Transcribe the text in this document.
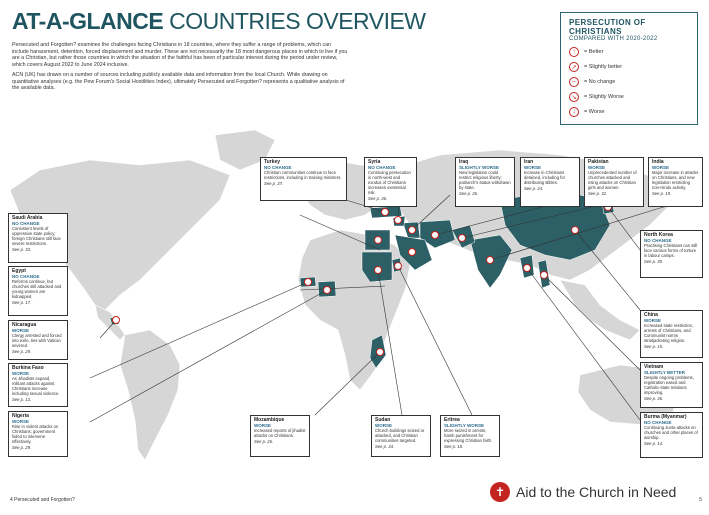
AT-A-GLANCE COUNTRIES OVERVIEW

Persecuted and Forgotten? examines the challenges facing Christians in 18 countries, where they suffer a range of problems, which can include harassment, detention, forced displacement and murder. These are not necessarily the 18 most dangerous places in which to live if you are a Christian, but rather those countries in which the situation of the faithful has been of particular interest during the period under review, which covers August 2022 to June 2024 inclusive.

ACN (UK) has drawn on a number of sources including publicly available data and information from the local Church. While drawing on quantitative analyses (e.g. the Pew Forum's Social Hostilities Index), ultimately Persecuted and Forgotten? represents a qualitative analysis of the available data.

PERSECUTION OF CHRISTIANS
COMPARED WITH 2020-2022
↑	= Better
↗	= Slightly better
⇔	= No change
↘	= Slightly Worse
↓	= Worse
Turkey
NO CHANGE
Christian communities continue to face restrictions, including in training ministers.
See p. 37.
Syria
NO CHANGE
Continuing persecution in north-west and exodus of Christians increases existential risk.
See p. 36.
Iraq
SLIGHTLY WORSE
New legislation could restrict religious liberty; patriarch's status withdrawn by state.
See p. 26.
Iran
WORSE
Increase in Christians detained, including for distributing Bibles.
See p. 24.
Pakistan
WORSE
Unprecedented number of churches attacked and rising attacks on Christian girls and women.
See p. 32.
India
WORSE
Major increase in attacks on Christians, and new legislation restricting non-Hindu activity.
See p. 19.
Saudi Arabia
NO CHANGE
Consistent levels of oppressive state policy; foreign Christians still face severe restrictions.
See p. 33.
Egypt
NO CHANGE
Reforms continue, but churches still attacked and young women are kidnapped.
See p. 17.
Nicaragua
WORSE
Clergy arrested and forced into exile, ties with Vatican severed.
See p. 29.
Burkina Faso
WORSE
As Jihadists expand, militant attacks against Christians increase including sexual violence.
See p. 13.
Nigeria
WORSE
Rise in violent attacks on Christians; government failed to intervene effectively.
See p. 29.
Mozambique
WORSE
Increased reports of jihadist attacks on Christians.
See p. 26.
Sudan
WORSE
Church buildings seized or attacked, and Christian communities targeted.
See p. 34.
Eritrea
SLIGHTLY WORSE
More seized in arrests, harsh punishment for expressing Christian faith.
See p. 18.
North Korea
NO CHANGE
Practising Christians can still face various forms of torture in labour camps.
See p. 30.
China
WORSE
Increased state restriction, arrests of Christians, and Communist norms straitjacketing religion.
See p. 15.
Vietnam
SLIGHTLY BETTER
Despite ongoing problems, registration eased and Catholic-state relations improving.
See p. 36.
Burma (Myanmar)
NO CHANGE
Continuing Junta attacks on churches and other places of worship.
See p. 14.
4 Persecuted and Forgotten?
✝ Aid to the Church in Need	5
